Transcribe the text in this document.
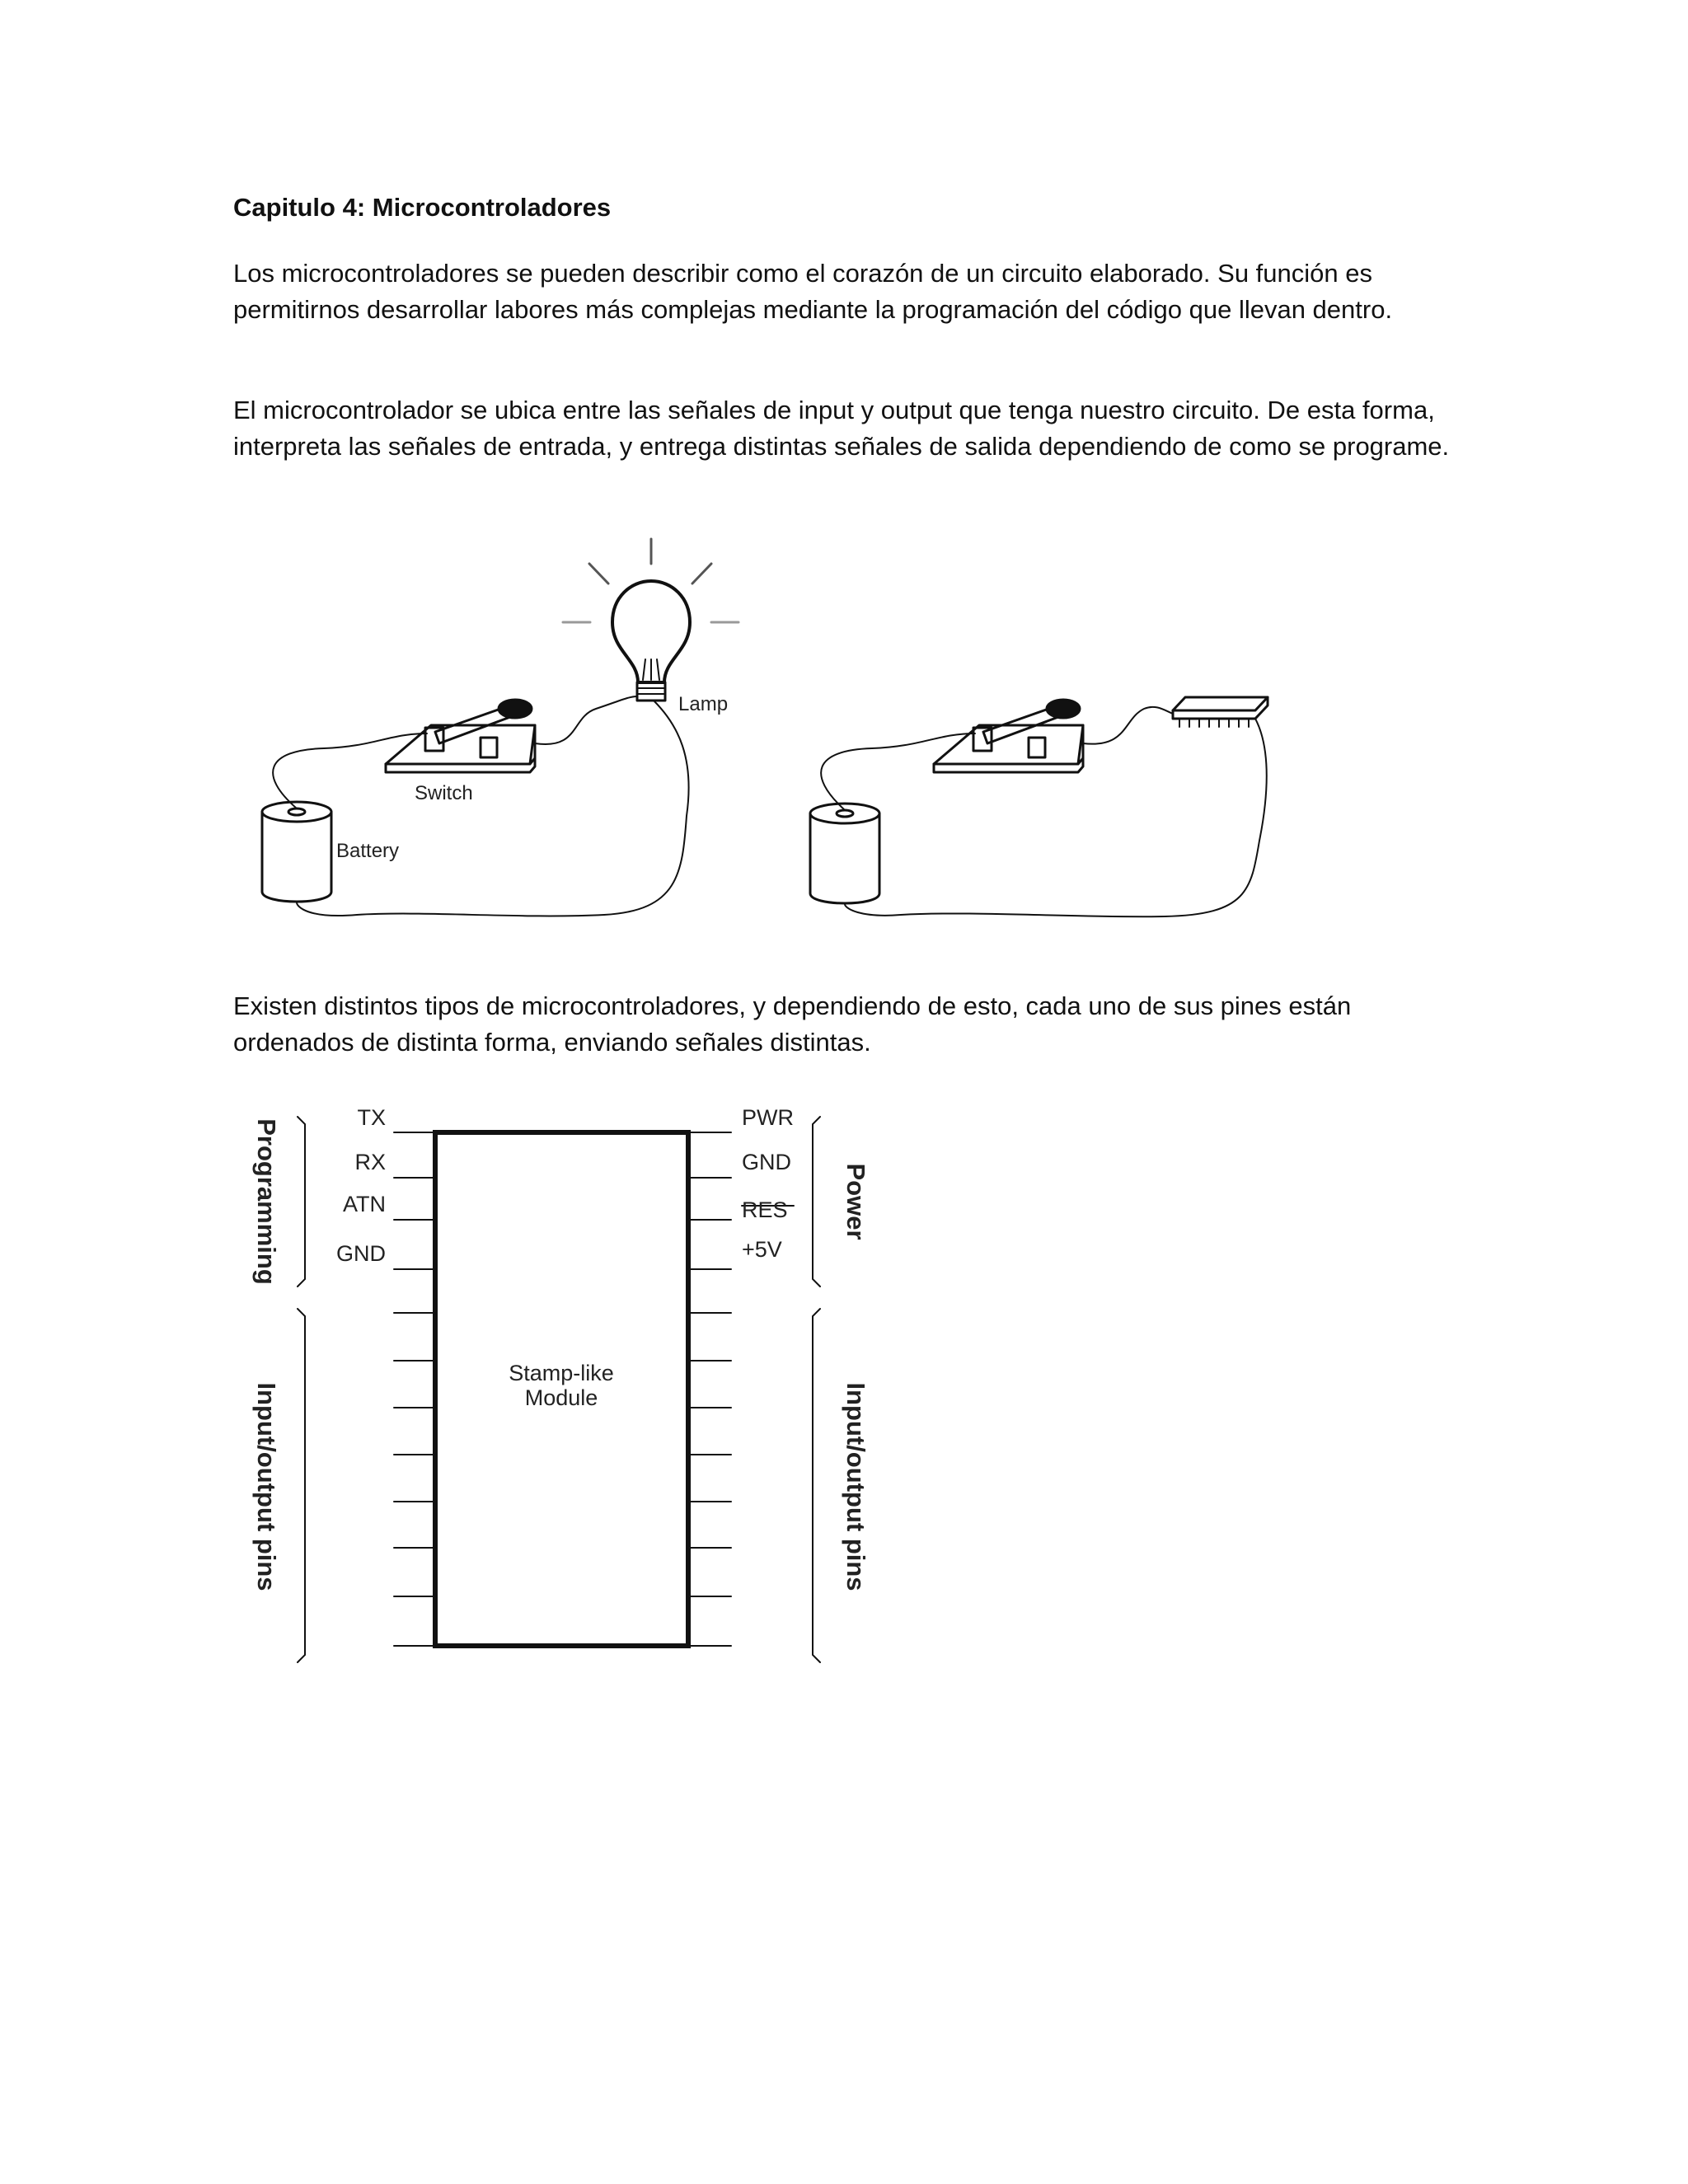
Capitulo 4: Microcontroladores

Los microcontroladores se pueden describir como el corazón de un circuito elaborado. Su función es permitirnos desarrollar labores más complejas mediante la programación del código que llevan dentro.

El microcontrolador se ubica entre las señales de input y output que tenga nuestro circuito. De esta forma, interpreta las señales de entrada, y entrega distintas señales de salida dependiendo de como se programe.

Lamp
Switch
Battery

Existen distintos tipos de microcontroladores, y dependiendo de esto, cada uno de sus pines están ordenados de distinta forma, enviando señales distintas.

TX
RX
ATN
GND
PWR
GND
RES
+5V
Stamp-like
Module
Programming
Input/output pins
Power
Input/output pins
